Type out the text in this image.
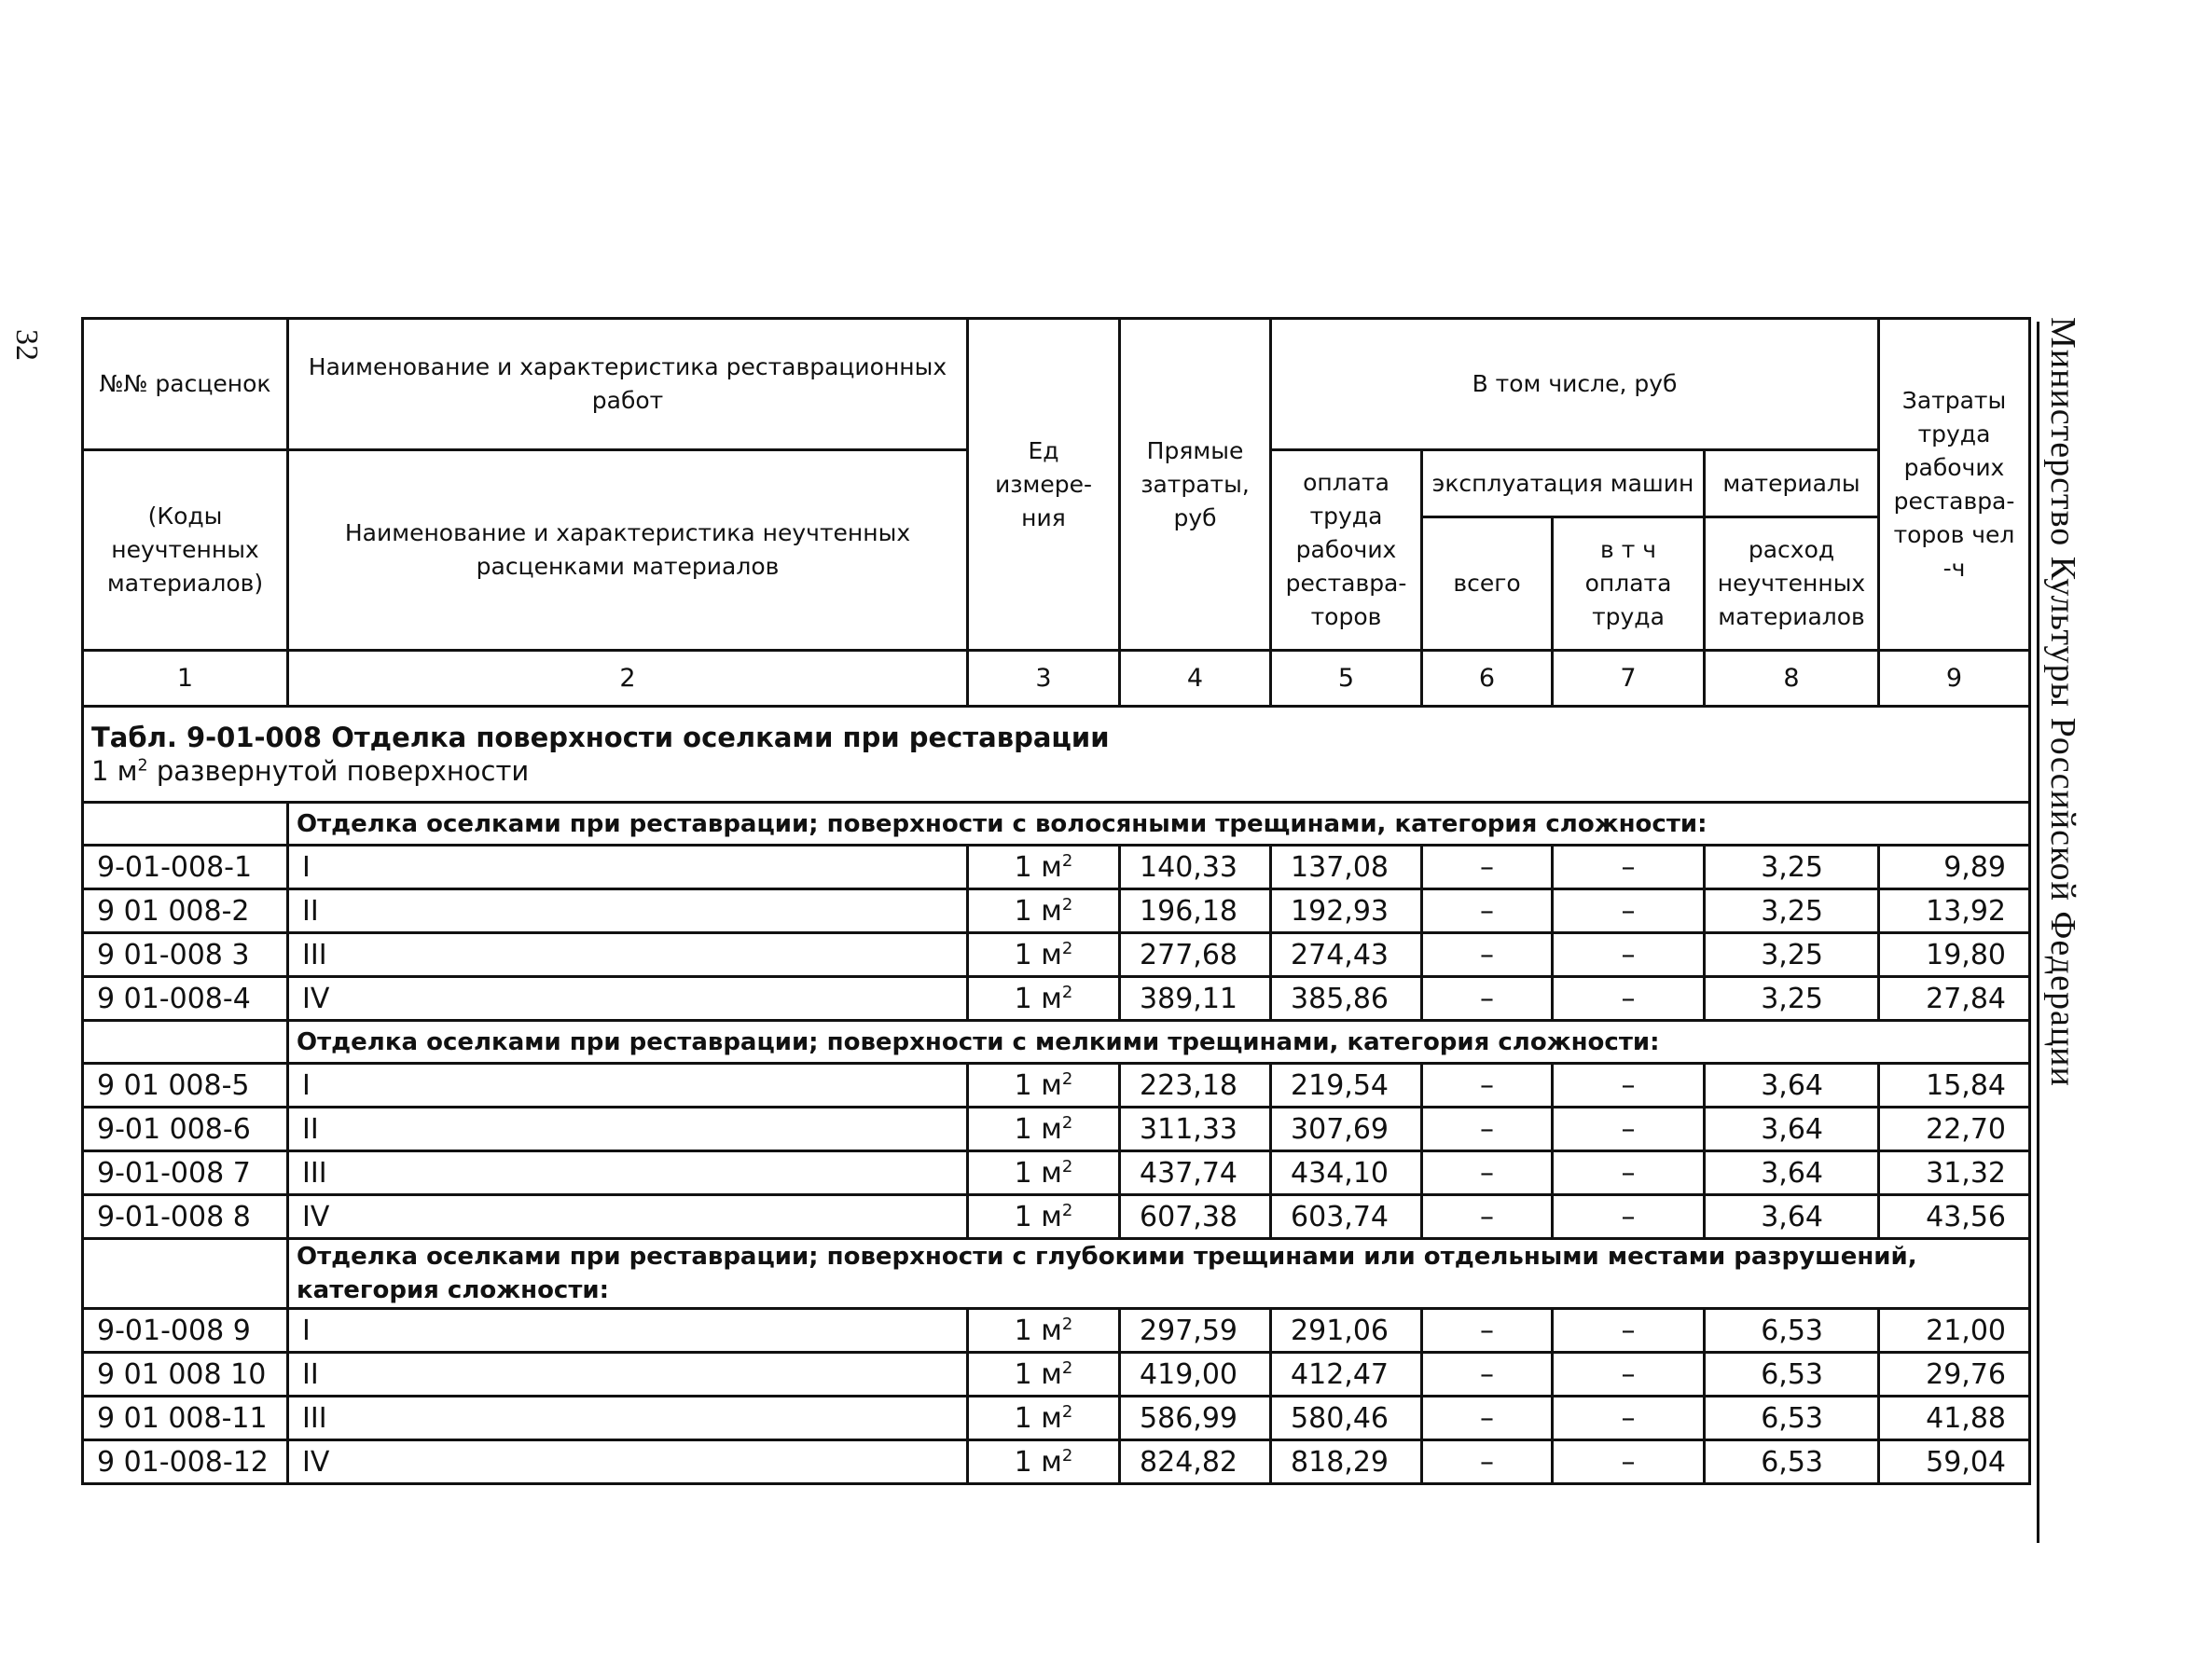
32	Министерство Культуры Российской Федерации
№№ расценок	Наименование и характеристика реставрационных работ	Ед измере- ния	Прямые затраты, руб	В том числе, руб				Затраты труда рабочих реставра- торов чел -ч
(Коды неучтенных материалов)	Наименование и характеристика неучтенных расценками материалов			оплата труда рабочих реставра- торов	эксплуатация машин		материалы	
					всего	в т ч оплата труда	расход неучтенных материалов	
1	2	3	4	5	6	7	8	9

Табл. 9-01-008 Отделка поверхности оселками при реставрации
1 $м^2$ развернутой поверхности								

	Отделка оселками при реставрации; поверхности с волосяными трещинами, категория сложности:							
9-01-008-1	I	1 $м^2$	140,33	137,08	–	–	3,25	9,89
9 01 008-2	II	1 $м^2$	196,18	192,93	–	–	3,25	13,92
9 01-008 3	III	1 $м^2$	277,68	274,43	–	–	3,25	19,80
9 01-008-4	IV	1 $м^2$	389,11	385,86	–	–	3,25	27,84
	Отделка оселками при реставрации; поверхности с мелкими трещинами, категория сложности:							
9 01 008-5	I	1 $м^2$	223,18	219,54	–	–	3,64	15,84
9-01 008-6	II	1 $м^2$	311,33	307,69	–	–	3,64	22,70
9-01-008 7	III	1 $м^2$	437,74	434,10	–	–	3,64	31,32
9-01-008 8	IV	1 $м^2$	607,38	603,74	–	–	3,64	43,56
	Отделка оселками при реставрации; поверхности с глубокими трещинами или отдельными местами разрушений, категория сложности:							
9-01-008 9	I	1 $м^2$	297,59	291,06	–	–	6,53	21,00
9 01 008 10	II	1 $м^2$	419,00	412,47	–	–	6,53	29,76
9 01 008-11	III	1 $м^2$	586,99	580,46	–	–	6,53	41,88
9 01-008-12	IV	1 $м^2$	824,82	818,29	–	–	6,53	59,04
